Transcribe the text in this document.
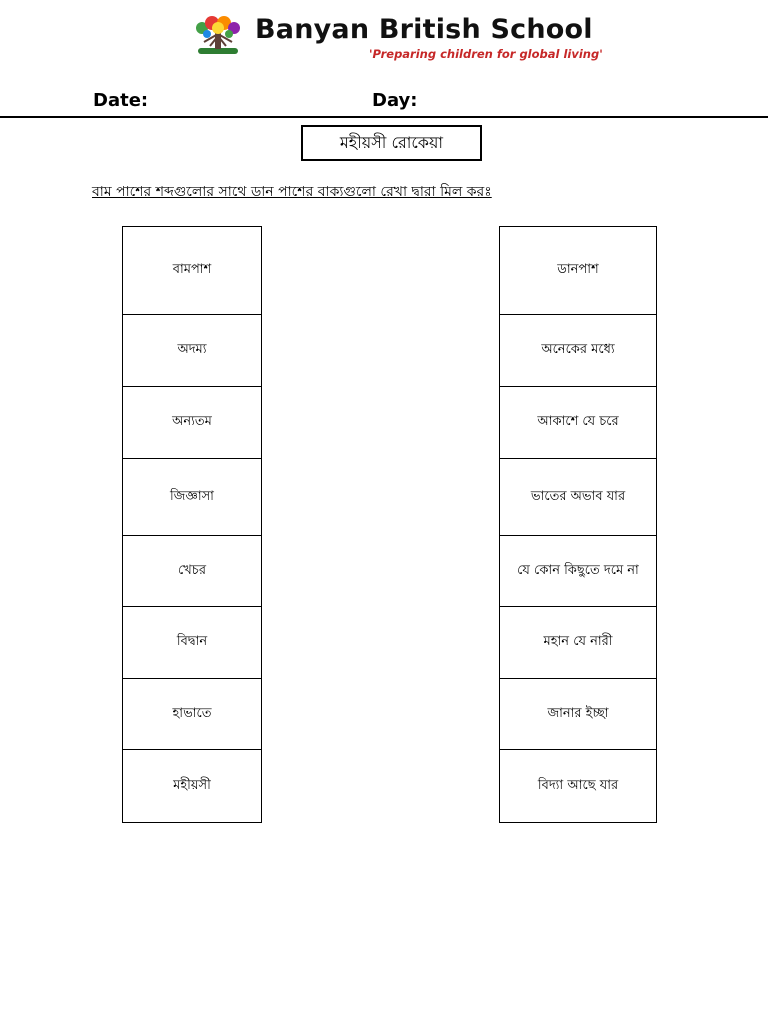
Banyan British School
'Preparing children for global living'
Date:	Day:
মহীয়সী রোকেয়া
বাম পাশের শব্দগুলোর সাথে ডান পাশের বাক্যগুলো রেখা দ্বারা মিল করঃ
বামপাশ
অদম্য
অন্যতম
জিজ্ঞাসা
খেচর
বিদ্বান
হাভাতে
মহীয়সী
ডানপাশ
অনেকের মধ্যে
আকাশে যে চরে
ভাতের অভাব যার
যে কোন কিছুতে দমে না
মহান যে নারী
জানার ইচ্ছা
বিদ্যা আছে যার
